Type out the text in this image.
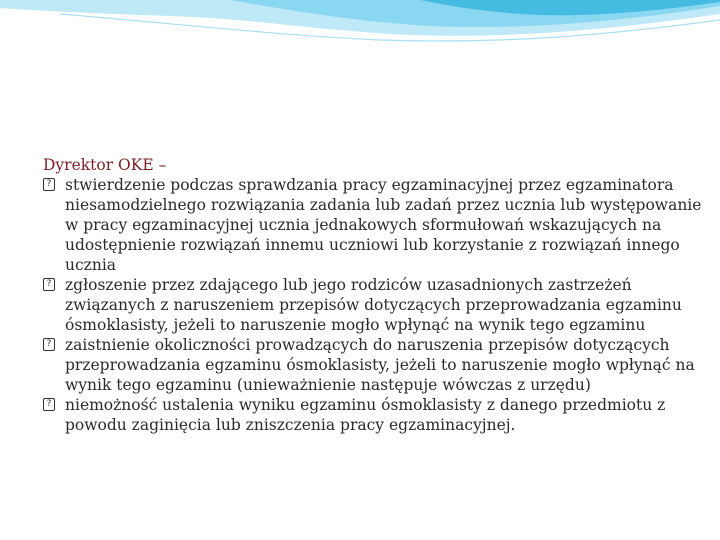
Dyrektor OKE –
? stwierdzenie podczas sprawdzania pracy egzaminacyjnej przez egzaminatora niesamodzielnego rozwiązania zadania lub zadań przez ucznia lub występowanie w pracy egzaminacyjnej ucznia jednakowych sformułowań wskazujących na udostępnienie rozwiązań innemu uczniowi lub korzystanie z rozwiązań innego ucznia
? zgłoszenie przez zdającego lub jego rodziców uzasadnionych zastrzeżeń związanych z naruszeniem przepisów dotyczących przeprowadzania egzaminu ósmoklasisty, jeżeli to naruszenie mogło wpłynąć na wynik tego egzaminu
? zaistnienie okoliczności prowadzących do naruszenia przepisów dotyczących przeprowadzania egzaminu ósmoklasisty, jeżeli to naruszenie mogło wpłynąć na wynik tego egzaminu (unieważnienie następuje wówczas z urzędu)
? niemożność ustalenia wyniku egzaminu ósmoklasisty z danego przedmiotu z powodu zaginięcia lub zniszczenia pracy egzaminacyjnej.
